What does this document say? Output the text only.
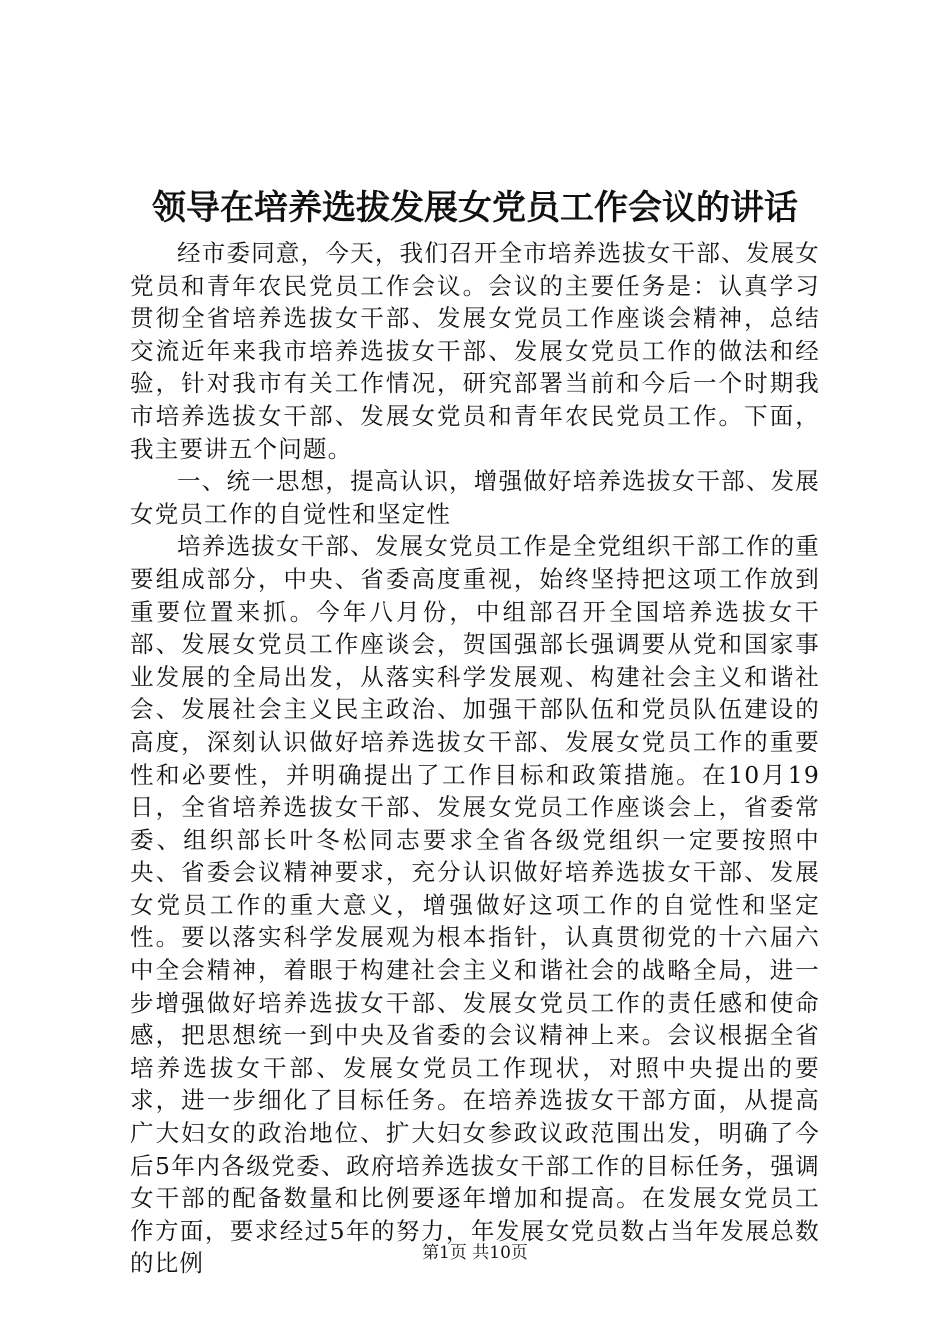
领导在培养选拔发展女党员工作会议的讲话

经市委同意，今天，我们召开全市培养选拔女干部、发展女党员和青年农民党员工作会议。会议的主要任务是：认真学习贯彻全省培养选拔女干部、发展女党员工作座谈会精神，总结交流近年来我市培养选拔女干部、发展女党员工作的做法和经验，针对我市有关工作情况，研究部署当前和今后一个时期我市培养选拔女干部、发展女党员和青年农民党员工作。下面，我主要讲五个问题。

一、统一思想，提高认识，增强做好培养选拔女干部、发展女党员工作的自觉性和坚定性

培养选拔女干部、发展女党员工作是全党组织干部工作的重要组成部分，中央、省委高度重视，始终坚持把这项工作放到重要位置来抓。今年八月份，中组部召开全国培养选拔女干部、发展女党员工作座谈会，贺国强部长强调要从党和国家事业发展的全局出发，从落实科学发展观、构建社会主义和谐社会、发展社会主义民主政治、加强干部队伍和党员队伍建设的高度，深刻认识做好培养选拔女干部、发展女党员工作的重要性和必要性，并明确提出了工作目标和政策措施。在10月19日，全省培养选拔女干部、发展女党员工作座谈会上，省委常委、组织部长叶冬松同志要求全省各级党组织一定要按照中央、省委会议精神要求，充分认识做好培养选拔女干部、发展女党员工作的重大意义，增强做好这项工作的自觉性和坚定性。要以落实科学发展观为根本指针，认真贯彻党的十六届六中全会精神，着眼于构建社会主义和谐社会的战略全局，进一步增强做好培养选拔女干部、发展女党员工作的责任感和使命感，把思想统一到中央及省委的会议精神上来。会议根据全省培养选拔女干部、发展女党员工作现状，对照中央提出的要求，进一步细化了目标任务。在培养选拔女干部方面，从提高广大妇女的政治地位、扩大妇女参政议政范围出发，明确了今后5年内各级党委、政府培养选拔女干部工作的目标任务，强调女干部的配备数量和比例要逐年增加和提高。在发展女党员工作方面，要求经过5年的努力，年发展女党员数占当年发展总数的比例	第1页 共10页
